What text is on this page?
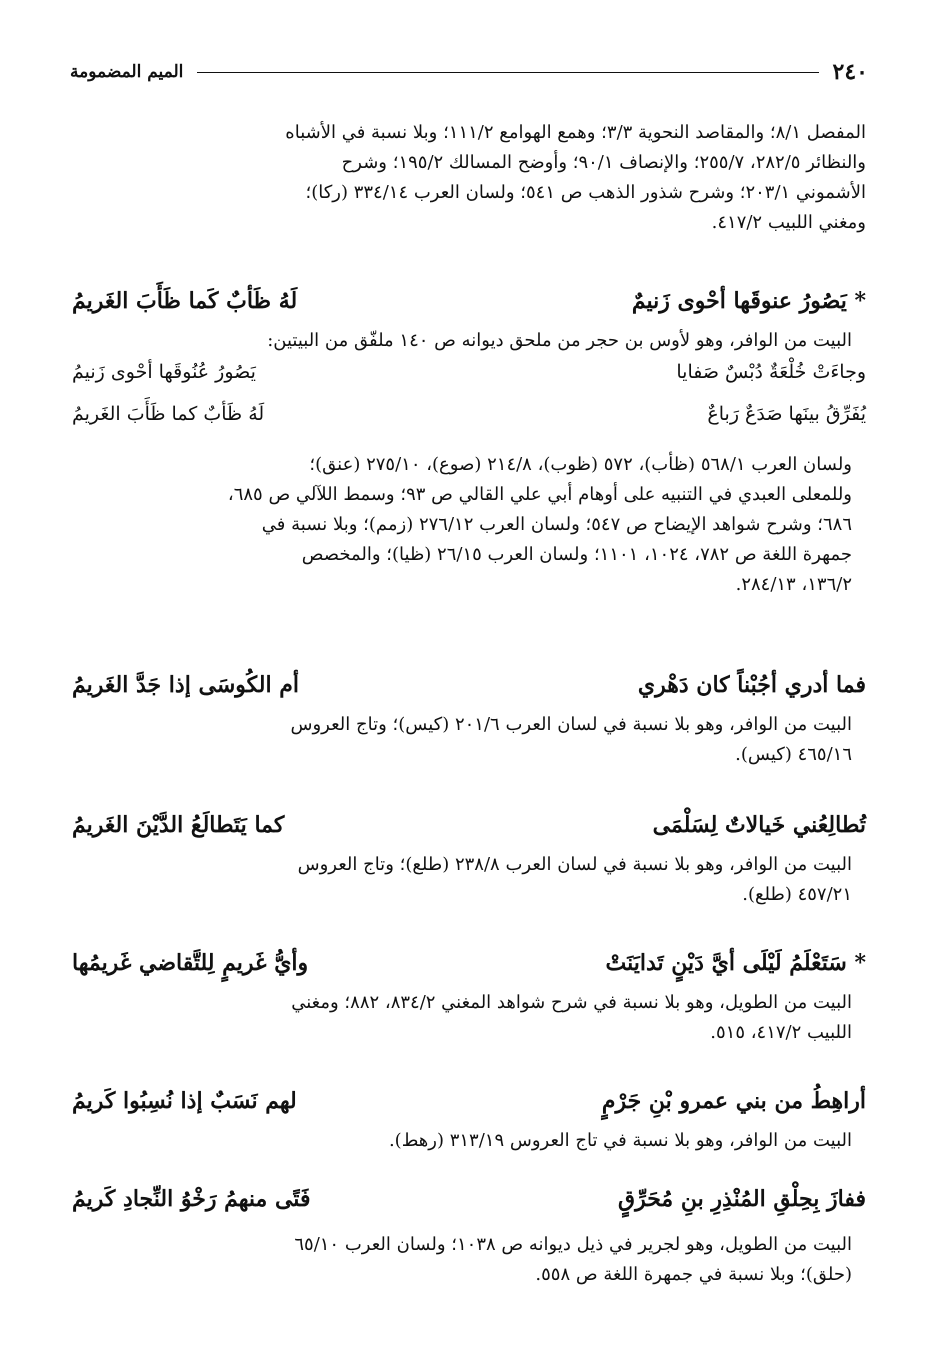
٢٤٠
الميم المضمومة
المفصل ٨/١؛ والمقاصد النحوية ٣/٣؛ وهمع الهوامع ١١١/٢؛ وبلا نسبة في الأشباه
والنظائر ٢٨٢/٥، ٢٥٥/٧؛ والإنصاف ٩٠/١؛ وأوضح المسالك ١٩٥/٢؛ وشرح
الأشموني ٢٠٣/١؛ وشرح شذور الذهب ص ٥٤١؛ ولسان العرب ٣٣٤/١٤ (ركا)؛
ومغني اللبيب ٤١٧/٢.
* يَصُورُ عنوقَها أحْوى زَنيمٌ
لَهُ ظَأبٌ كَما ظَأَبَ الغَريمُ
البيت من الوافر، وهو لأوس بن حجر من ملحق ديوانه ص ١٤٠ ملفّق من البيتين:
وجاءَتْ خُلْعَةٌ دُبْسٌ صَفايا
يَصُورُ عُنُوقَها أحْوى زَنيمُ
يُفَرِّقُ بينَها صَدَعٌ رَباعٌ
لَهُ ظَأبٌ كما ظَأَبَ الغَريمُ
ولسان العرب ٥٦٨/١ (ظأب)، ٥٧٢ (ظوب)، ٢١٤/٨ (صوع)، ٢٧٥/١٠ (عنق)؛
وللمعلى العبدي في التنبيه على أوهام أبي علي القالي ص ٩٣؛ وسمط اللآلي ص ٦٨٥،
٦٨٦؛ وشرح شواهد الإيضاح ص ٥٤٧؛ ولسان العرب ٢٧٦/١٢ (زمم)؛ وبلا نسبة في
جمهرة اللغة ص ٧٨٢، ١٠٢٤، ١١٠١؛ ولسان العرب ٢٦/١٥ (ظيا)؛ والمخصص
١٣٦/٢، ٢٨٤/١٣.
فما أدري أجُبْناً كان دَهْري
أم الكُوسَى إذا جَدَّ الغَريمُ
البيت من الوافر، وهو بلا نسبة في لسان العرب ٢٠١/٦ (كيس)؛ وتاج العروس
٤٦٥/١٦ (كيس).
تُطالِعُني خَيالاتٌ لِسَلْمَى
كما يَتَطالَعُ الدَّيْنَ الغَريمُ
البيت من الوافر، وهو بلا نسبة في لسان العرب ٢٣٨/٨ (طلع)؛ وتاج العروس
٤٥٧/٢١ (طلع).
* سَتَعْلَمُ لَيْلَى أيَّ دَيْنٍ تَدايَنَتْ
وأيُّ غَريمٍ لِلتَّقاضي غَريمُها
البيت من الطويل، وهو بلا نسبة في شرح شواهد المغني ٨٣٤/٢، ٨٨٢؛ ومغني
اللبيب ٤١٧/٢، ٥١٥.
أراهِطُ من بني عمرو بْنِ جَرْمٍ
لهم نَسَبٌ إذا نُسِبُوا كَريمُ
البيت من الوافر، وهو بلا نسبة في تاج العروس ٣١٣/١٩ (رهط).
ففازَ بِحِلْقِ المُنْذِرِ بنِ مُحَرِّقٍ
فَتًى منهمُ رَخْوُ النِّجادِ كَريمُ
البيت من الطويل، وهو لجرير في ذيل ديوانه ص ١٠٣٨؛ ولسان العرب ٦٥/١٠
(حلق)؛ وبلا نسبة في جمهرة اللغة ص ٥٥٨.
